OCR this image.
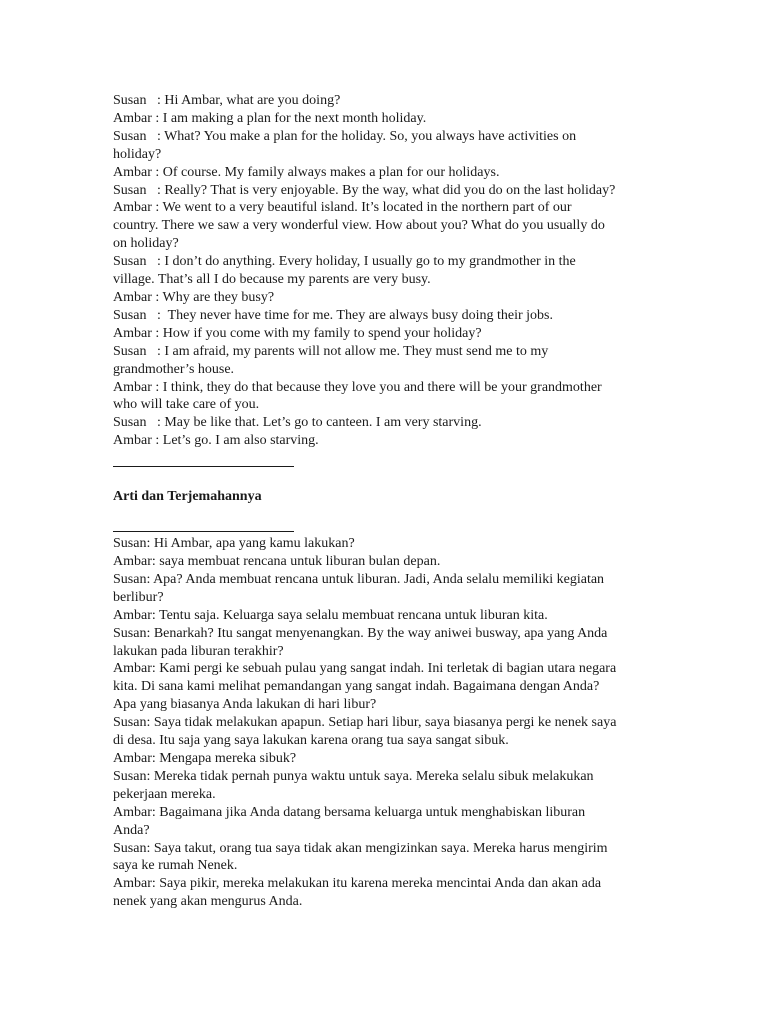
Susan   : Hi Ambar, what are you doing?
Ambar : I am making a plan for the next month holiday.
Susan   : What? You make a plan for the holiday. So, you always have activities on
holiday?
Ambar : Of course. My family always makes a plan for our holidays.
Susan   : Really? That is very enjoyable. By the way, what did you do on the last holiday?
Ambar : We went to a very beautiful island. It’s located in the northern part of our
country. There we saw a very wonderful view. How about you? What do you usually do
on holiday?
Susan   : I don’t do anything. Every holiday, I usually go to my grandmother in the
village. That’s all I do because my parents are very busy.
Ambar : Why are they busy?
Susan   :  They never have time for me. They are always busy doing their jobs.
Ambar : How if you come with my family to spend your holiday?
Susan   : I am afraid, my parents will not allow me. They must send me to my
grandmother’s house.
Ambar : I think, they do that because they love you and there will be your grandmother
who will take care of you.
Susan   : May be like that. Let’s go to canteen. I am very starving.
Ambar : Let’s go. I am also starving.
Arti dan Terjemahannya
Susan: Hi Ambar, apa yang kamu lakukan?
Ambar: saya membuat rencana untuk liburan bulan depan.
Susan: Apa? Anda membuat rencana untuk liburan. Jadi, Anda selalu memiliki kegiatan
berlibur?
Ambar: Tentu saja. Keluarga saya selalu membuat rencana untuk liburan kita.
Susan: Benarkah? Itu sangat menyenangkan. By the way aniwei busway, apa yang Anda
lakukan pada liburan terakhir?
Ambar: Kami pergi ke sebuah pulau yang sangat indah. Ini terletak di bagian utara negara
kita. Di sana kami melihat pemandangan yang sangat indah. Bagaimana dengan Anda?
Apa yang biasanya Anda lakukan di hari libur?
Susan: Saya tidak melakukan apapun. Setiap hari libur, saya biasanya pergi ke nenek saya
di desa. Itu saja yang saya lakukan karena orang tua saya sangat sibuk.
Ambar: Mengapa mereka sibuk?
Susan: Mereka tidak pernah punya waktu untuk saya. Mereka selalu sibuk melakukan
pekerjaan mereka.
Ambar: Bagaimana jika Anda datang bersama keluarga untuk menghabiskan liburan
Anda?
Susan: Saya takut, orang tua saya tidak akan mengizinkan saya. Mereka harus mengirim
saya ke rumah Nenek.
Ambar: Saya pikir, mereka melakukan itu karena mereka mencintai Anda dan akan ada
nenek yang akan mengurus Anda.
